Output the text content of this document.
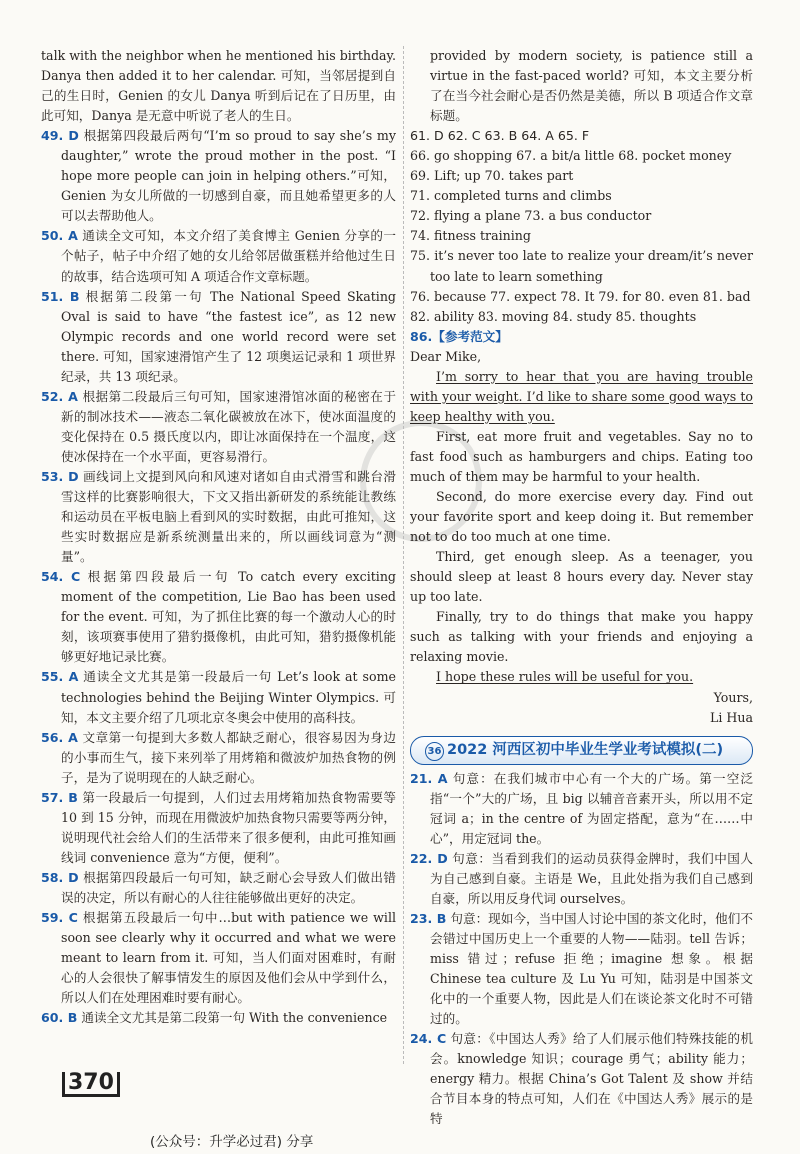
talk with the neighbor when he mentioned his birthday. Danya then added it to her calendar. 可知，当邻居提到自己的生日时，Genien 的女儿 Danya 听到后记在了日历里，由此可知，Danya 是无意中听说了老人的生日。

49. D 根据第四段最后两句“I’m so proud to say she’s my daughter,” wrote the proud mother in the post. “I hope more people can join in helping others.”可知，Genien 为女儿所做的一切感到自豪，而且她希望更多的人可以去帮助他人。

50. A 通读全文可知，本文介绍了美食博主 Genien 分享的一个帖子，帖子中介绍了她的女儿给邻居做蛋糕并给他过生日的故事，结合选项可知 A 项适合作文章标题。

51. B 根据第二段第一句 The National Speed Skating Oval is said to have “the fastest ice”, as 12 new Olympic records and one world record were set there. 可知，国家速滑馆产生了 12 项奥运记录和 1 项世界纪录，共 13 项纪录。

52. A 根据第二段最后三句可知，国家速滑馆冰面的秘密在于新的制冰技术——液态二氧化碳被放在冰下，使冰面温度的变化保持在 0.5 摄氏度以内，即让冰面保持在一个温度，这使冰保持在一个水平面，更容易滑行。

53. D 画线词上文提到风向和风速对诸如自由式滑雪和跳台滑雪这样的比赛影响很大，下文又指出新研发的系统能让教练和运动员在平板电脑上看到风的实时数据，由此可推知，这些实时数据应是新系统测量出来的，所以画线词意为“测量”。

54. C 根据第四段最后一句 To catch every exciting moment of the competition, Lie Bao has been used for the event. 可知，为了抓住比赛的每一个激动人心的时刻，该项赛事使用了猎豹摄像机，由此可知，猎豹摄像机能够更好地记录比赛。

55. A 通读全文尤其是第一段最后一句 Let’s look at some technologies behind the Beijing Winter Olympics. 可知，本文主要介绍了几项北京冬奥会中使用的高科技。

56. A 文章第一句提到大多数人都缺乏耐心，很容易因为身边的小事而生气，接下来列举了用烤箱和微波炉加热食物的例子，是为了说明现在的人缺乏耐心。

57. B 第一段最后一句提到，人们过去用烤箱加热食物需要等 10 到 15 分钟，而现在用微波炉加热食物只需要等两分钟，说明现代社会给人们的生活带来了很多便利，由此可推知画线词 convenience 意为“方便，便利”。

58. D 根据第四段最后一句可知，缺乏耐心会导致人们做出错误的决定，所以有耐心的人往往能够做出更好的决定。

59. C 根据第五段最后一句中…but with patience we will soon see clearly why it occurred and what we were meant to learn from it. 可知，当人们面对困难时，有耐心的人会很快了解事情发生的原因及他们会从中学到什么，所以人们在处理困难时要有耐心。

60. B 通读全文尤其是第二段第一句 With the convenience

provided by modern society, is patience still a virtue in the fast-paced world? 可知，本文主要分析了在当今社会耐心是否仍然是美德，所以 B 项适合作文章标题。

61. D 62. C 63. B 64. A 65. F

66. go shopping 67. a bit/a little 68. pocket money

69. Lift; up 70. takes part

71. completed turns and climbs

72. flying a plane 73. a bus conductor

74. fitness training

75. it’s never too late to realize your dream/it’s never too late to learn something

76. because 77. expect 78. It 79. for 80. even 81. bad

82. ability 83. moving 84. study 85. thoughts

86.【参考范文】

Dear Mike,

I’m sorry to hear that you are having trouble with your weight. I’d like to share some good ways to keep healthy with you.

First, eat more fruit and vegetables. Say no to fast food such as hamburgers and chips. Eating too much of them may be harmful to your health.

Second, do more exercise every day. Find out your favorite sport and keep doing it. But remember not to do too much at one time.

Third, get enough sleep. As a teenager, you should sleep at least 8 hours every day. Never stay up too late.

Finally, try to do things that make you happy such as talking with your friends and enjoying a relaxing movie.

I hope these rules will be useful for you.

Yours,

Li Hua

36 2022 河西区初中毕业生学业考试模拟(二)

21. A 句意：在我们城市中心有一个大的广场。第一空泛指“一个”大的广场，且 big 以辅音音素开头，所以用不定冠词 a；in the centre of 为固定搭配，意为“在……中心”，用定冠词 the。

22. D 句意：当看到我们的运动员获得金牌时，我们中国人为自己感到自豪。主语是 We，且此处指为我们自己感到自豪，所以用反身代词 ourselves。

23. B 句意：现如今，当中国人讨论中国的茶文化时，他们不会错过中国历史上一个重要的人物——陆羽。tell 告诉；miss 错过；refuse 拒绝；imagine 想象。根据 Chinese tea culture 及 Lu Yu 可知，陆羽是中国茶文化中的一个重要人物，因此是人们在谈论茶文化时不可错过的。

24. C 句意：《中国达人秀》给了人们展示他们特殊技能的机会。knowledge 知识；courage 勇气；ability 能力；energy 精力。根据 China’s Got Talent 及 show 并结合节目本身的特点可知，人们在《中国达人秀》展示的是特

370
(公众号：升学必过君) 分享
